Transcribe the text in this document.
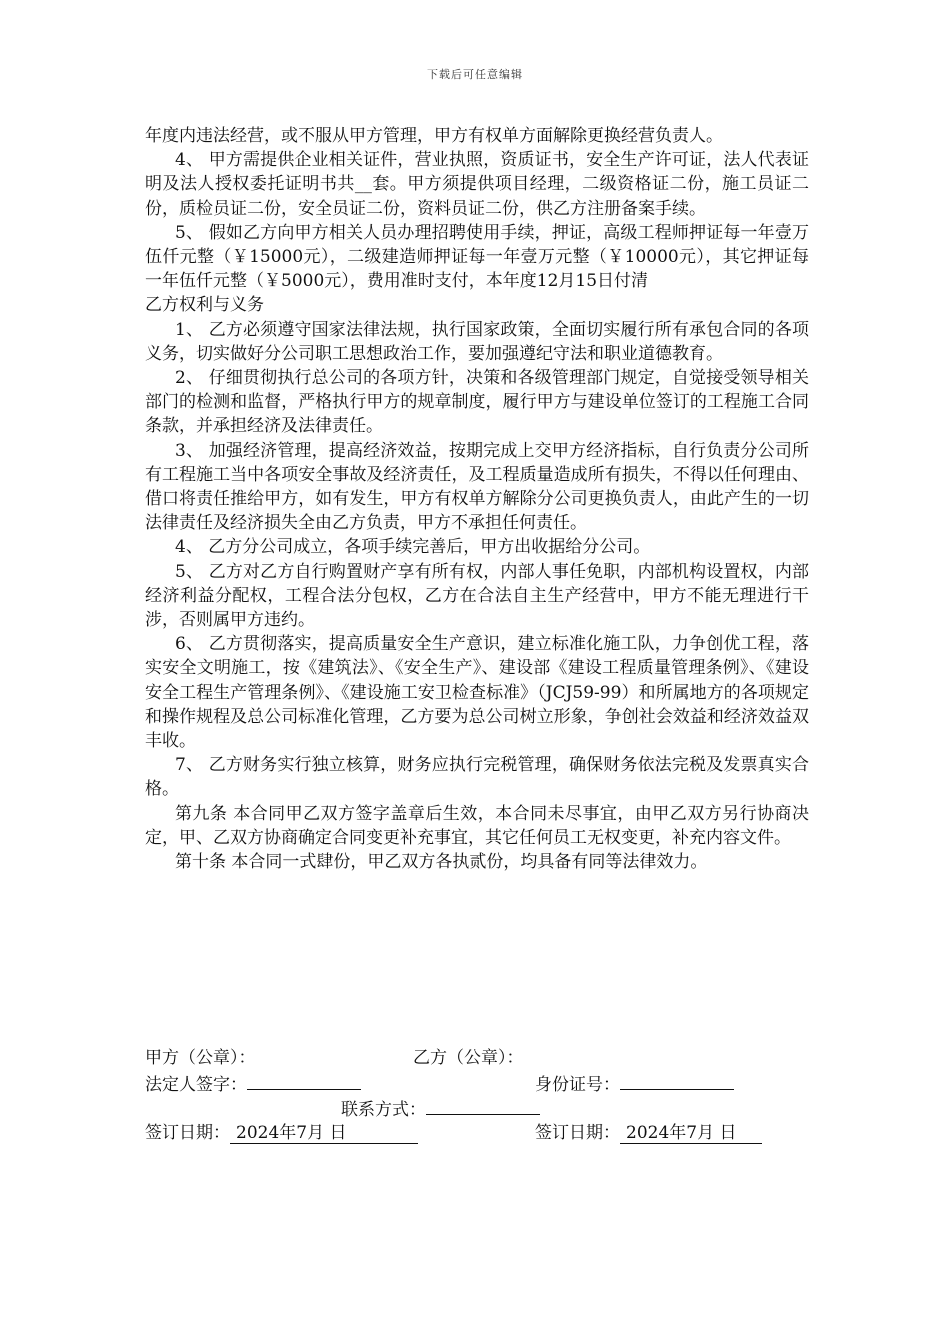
下载后可任意编辑

年度内违法经营，或不服从甲方管理，甲方有权单方面解除更换经营负责人。

4、 甲方需提供企业相关证件，营业执照，资质证书，安全生产许可证，法人代表证明及法人授权委托证明书共__套。甲方须提供项目经理，二级资格证二份，施工员证二份，质检员证二份，安全员证二份，资料员证二份，供乙方注册备案手续。

5、 假如乙方向甲方相关人员办理招聘使用手续，押证，高级工程师押证每一年壹万伍仟元整（￥15000元），二级建造师押证每一年壹万元整（￥10000元），其它押证每一年伍仟元整（￥5000元），费用准时支付，本年度12月15日付清

乙方权利与义务

1、 乙方必须遵守国家法律法规，执行国家政策，全面切实履行所有承包合同的各项义务，切实做好分公司职工思想政治工作，要加强遵纪守法和职业道德教育。

2、 仔细贯彻执行总公司的各项方针，决策和各级管理部门规定，自觉接受领导相关部门的检测和监督，严格执行甲方的规章制度，履行甲方与建设单位签订的工程施工合同条款，并承担经济及法律责任。

3、 加强经济管理，提高经济效益，按期完成上交甲方经济指标，自行负责分公司所有工程施工当中各项安全事故及经济责任，及工程质量造成所有损失，不得以任何理由、借口将责任推给甲方，如有发生，甲方有权单方解除分公司更换负责人，由此产生的一切法律责任及经济损失全由乙方负责，甲方不承担任何责任。

4、 乙方分公司成立，各项手续完善后，甲方出收据给分公司。

5、 乙方对乙方自行购置财产享有所有权，内部人事任免职，内部机构设置权，内部经济利益分配权，工程合法分包权，乙方在合法自主生产经营中，甲方不能无理进行干涉，否则属甲方违约。

6、 乙方贯彻落实，提高质量安全生产意识，建立标准化施工队，力争创优工程，落实安全文明施工，按《建筑法》、《安全生产》、建设部《建设工程质量管理条例》、《建设安全工程生产管理条例》、《建设施工安卫检查标准》（JCJ59-99）和所属地方的各项规定和操作规程及总公司标准化管理，乙方要为总公司树立形象，争创社会效益和经济效益双丰收。

7、 乙方财务实行独立核算，财务应执行完税管理，确保财务依法完税及发票真实合格。

第九条 本合同甲乙双方签字盖章后生效，本合同未尽事宜，由甲乙双方另行协商决定，甲、乙双方协商确定合同变更补充事宜，其它任何员工无权变更，补充内容文件。

第十条 本合同一式肆份，甲乙双方各执贰份，均具备有同等法律效力。

甲方（公章）：	乙方（公章）：
法定人签字：	身份证号：
联系方式：
签订日期： 2024年7月 日	签订日期： 2024年7月 日
